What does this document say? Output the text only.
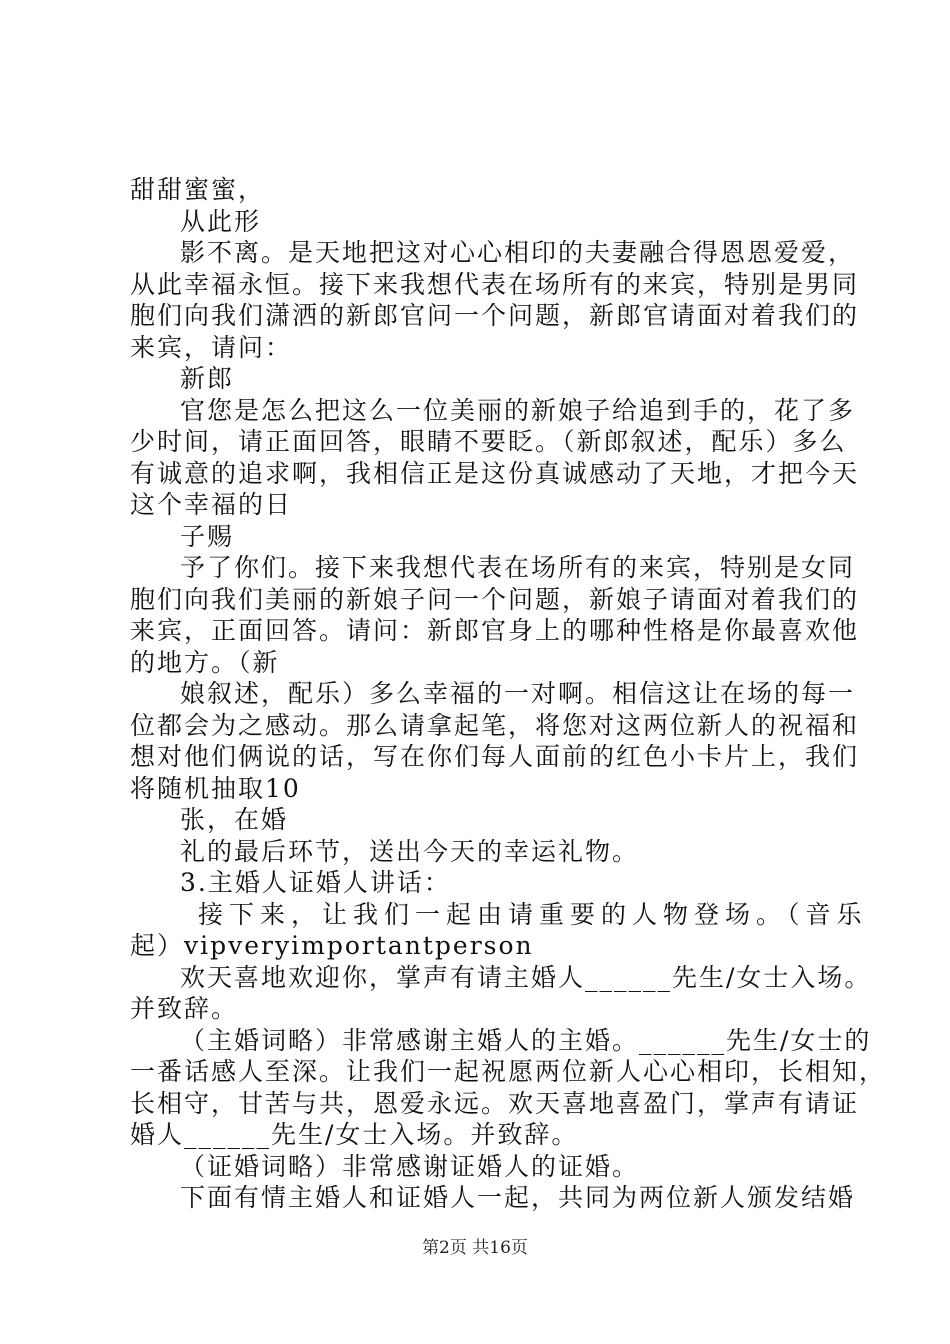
甜甜蜜蜜，
从此形
影不离。是天地把这对心心相印的夫妻融合得恩恩爱爱，
从此幸福永恒。接下来我想代表在场所有的来宾，特别是男同
胞们向我们潇洒的新郎官问一个问题，新郎官请面对着我们的
来宾，请问：
新郎
官您是怎么把这么一位美丽的新娘子给追到手的，花了多
少时间，请正面回答，眼睛不要眨。（新郎叙述，配乐）多么
有诚意的追求啊，我相信正是这份真诚感动了天地，才把今天
这个幸福的日
子赐
予了你们。接下来我想代表在场所有的来宾，特别是女同
胞们向我们美丽的新娘子问一个问题，新娘子请面对着我们的
来宾，正面回答。请问：新郎官身上的哪种性格是你最喜欢他
的地方。（新
娘叙述，配乐）多么幸福的一对啊。相信这让在场的每一
位都会为之感动。那么请拿起笔，将您对这两位新人的祝福和
想对他们俩说的话，写在你们每人面前的红色小卡片上，我们
将随机抽取10
张，在婚
礼的最后环节，送出今天的幸运礼物。
3.主婚人证婚人讲话：
接下来，让我们一起由请重要的人物登场。（音乐
起）vipveryimportantperson
欢天喜地欢迎你，掌声有请主婚人______先生/女士入场。
并致辞。
（主婚词略）非常感谢主婚人的主婚。______先生/女士的
一番话感人至深。让我们一起祝愿两位新人心心相印，长相知，
长相守，甘苦与共，恩爱永远。欢天喜地喜盈门，掌声有请证
婚人______先生/女士入场。并致辞。
（证婚词略）非常感谢证婚人的证婚。
下面有情主婚人和证婚人一起，共同为两位新人颁发结婚
第2页 共16页
